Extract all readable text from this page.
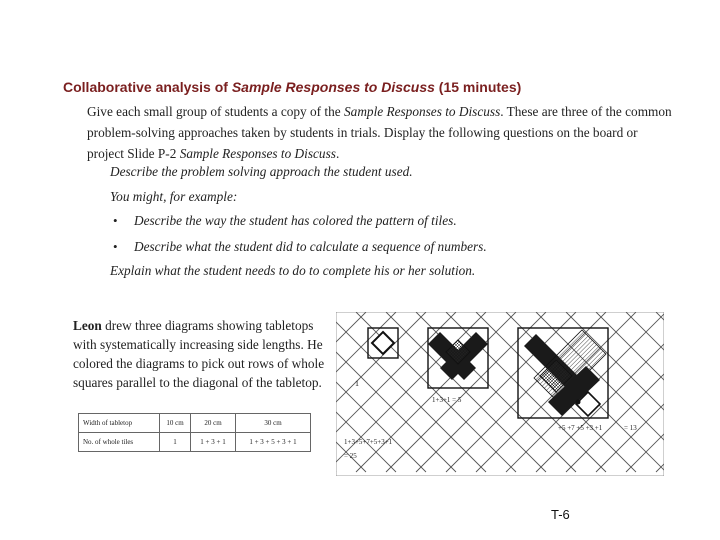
Collaborative analysis of Sample Responses to Discuss (15 minutes)
Give each small group of students a copy of the Sample Responses to Discuss. These are three of the common problem-solving approaches taken by students in trials. Display the following questions on the board or project Slide P-2 Sample Responses to Discuss.
Describe the problem solving approach the student used.
You might, for example:
• Describe the way the student has colored the pattern of tiles.
• Describe what the student did to calculate a sequence of numbers.
Explain what the student needs to do to complete his or her solution.
Leon drew three diagrams showing tabletops with systematically increasing side lengths. He colored the diagrams to pick out rows of whole squares parallel to the diagonal of the tabletop.
Width of tabletop	10 cm	20 cm	30 cm
No. of whole tiles	1	1 + 3 + 1	1 + 3 + 5 + 3 + 1
1
1+3+1 = 5
1+3+5+7+5+3+1
= 25
+5 +7 +5 +3 +1	= 13
T-6
